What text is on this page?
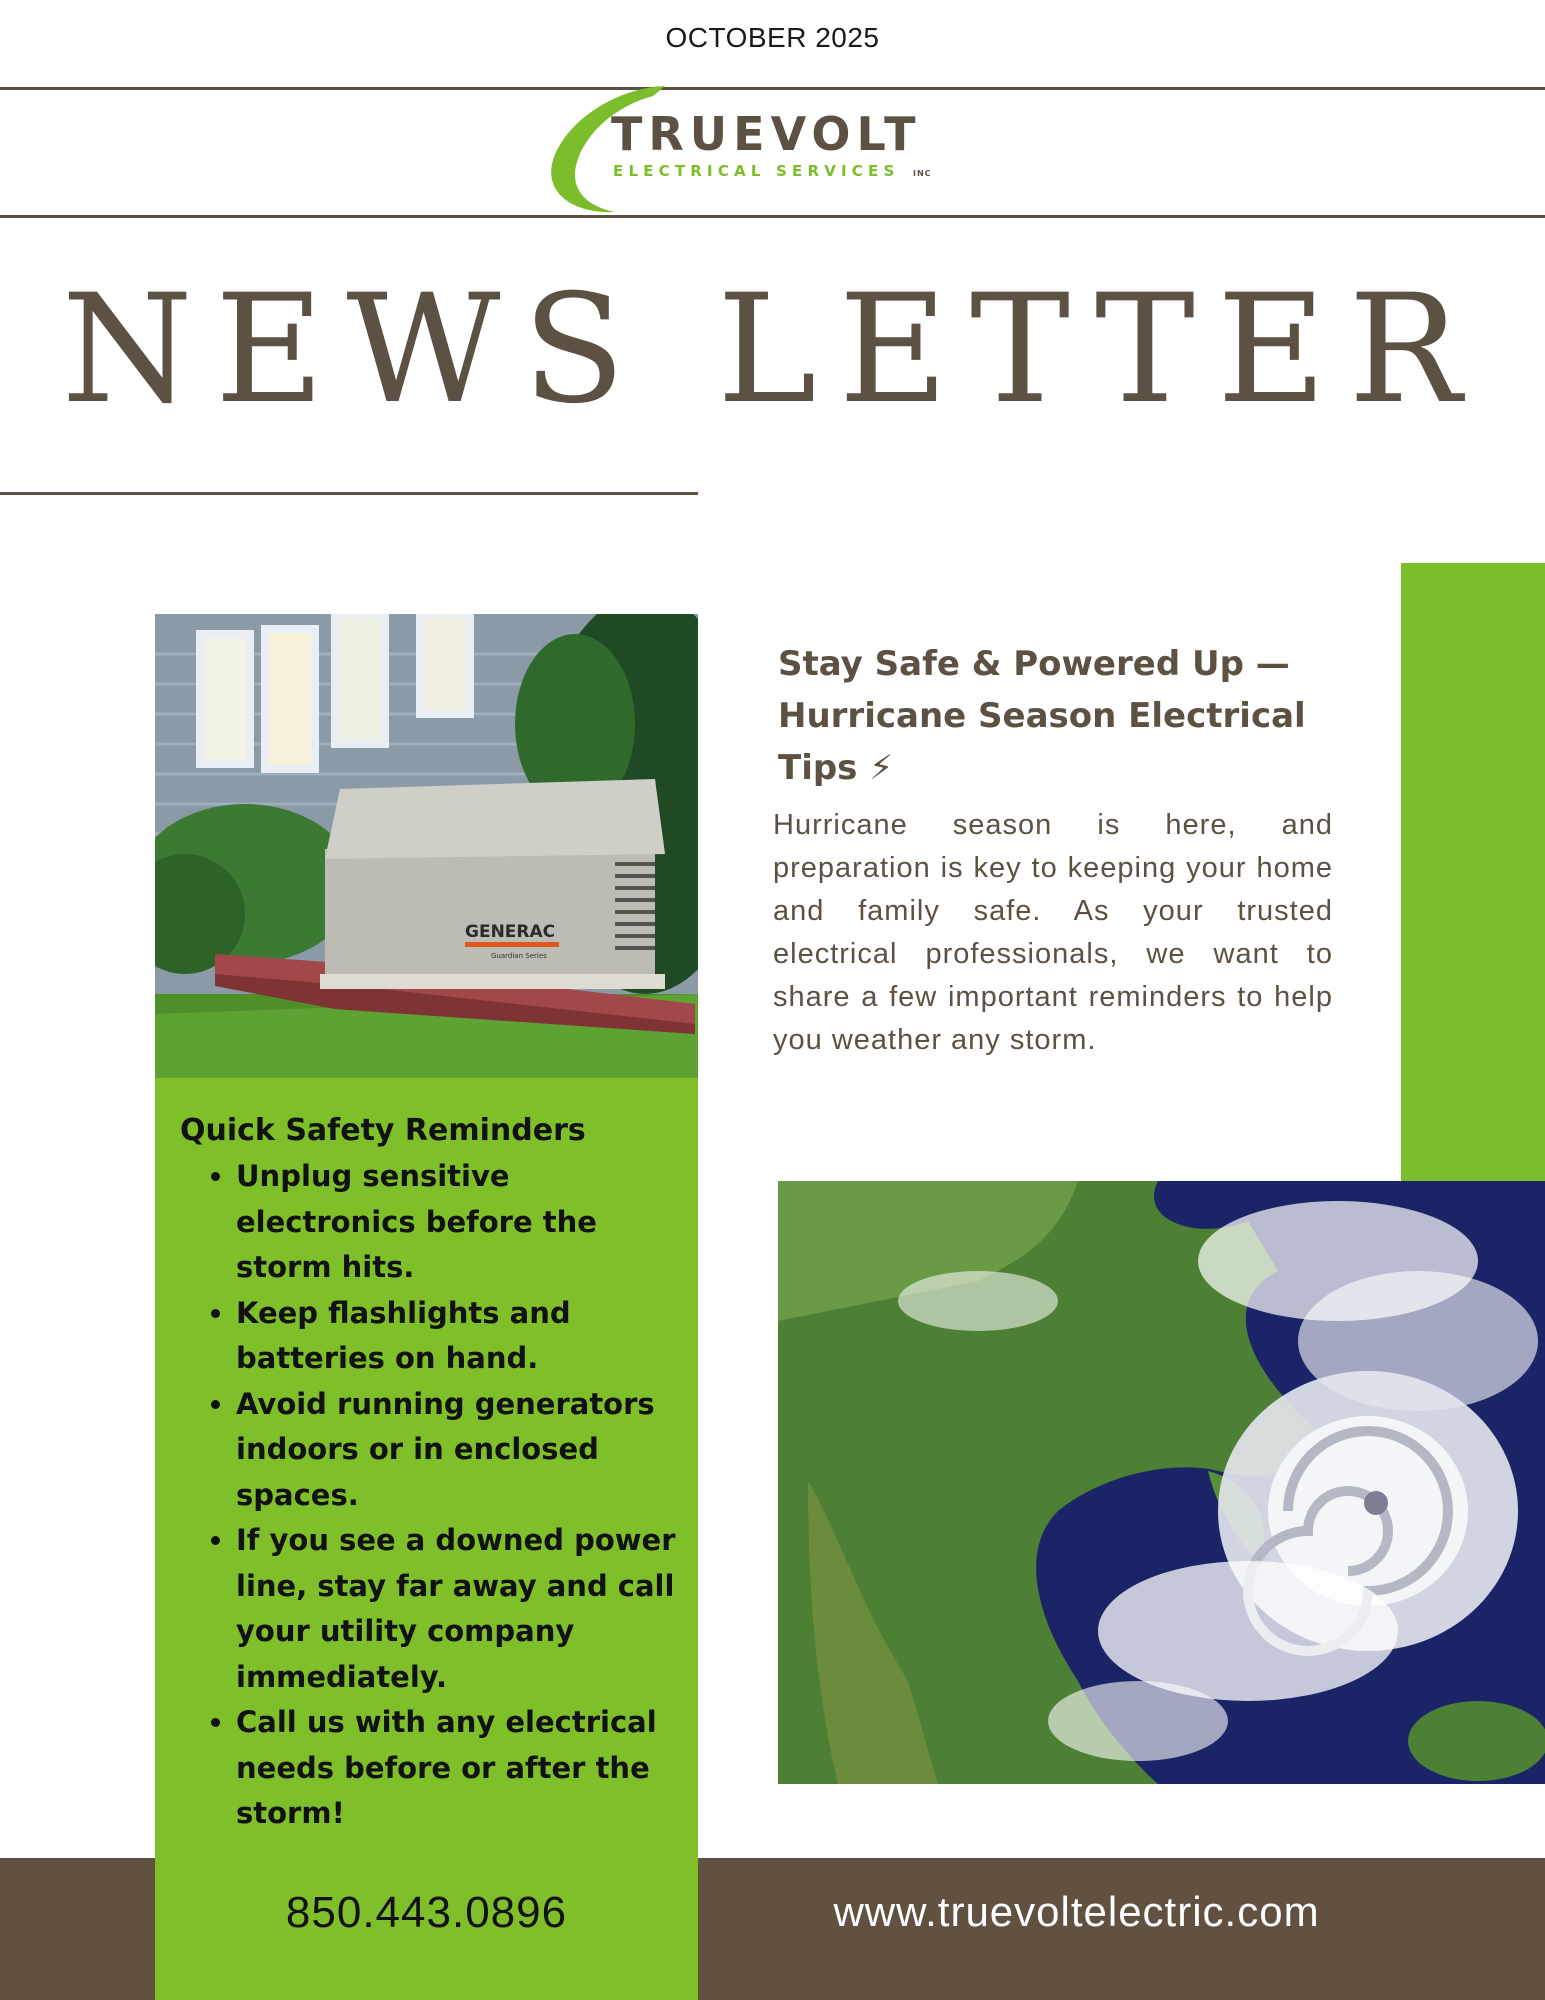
OCTOBER 2025
TRUEVOLT
ELECTRICAL SERVICES INC
NEWS LETTER
GENERAC
Guardian Series
Stay Safe & Powered Up — Hurricane Season Electrical Tips ⚡
Hurricane season is here, and preparation is key to keeping your home and family safe. As your trusted electrical professionals, we want to share a few important reminders to help you weather any storm.
Quick Safety Reminders
• Unplug sensitive electronics before the storm hits.
• Keep flashlights and batteries on hand.
• Avoid running generators indoors or in enclosed spaces.
• If you see a downed power line, stay far away and call your utility company immediately.
• Call us with any electrical needs before or after the storm!
850.443.0896	www.truevoltelectric.com
